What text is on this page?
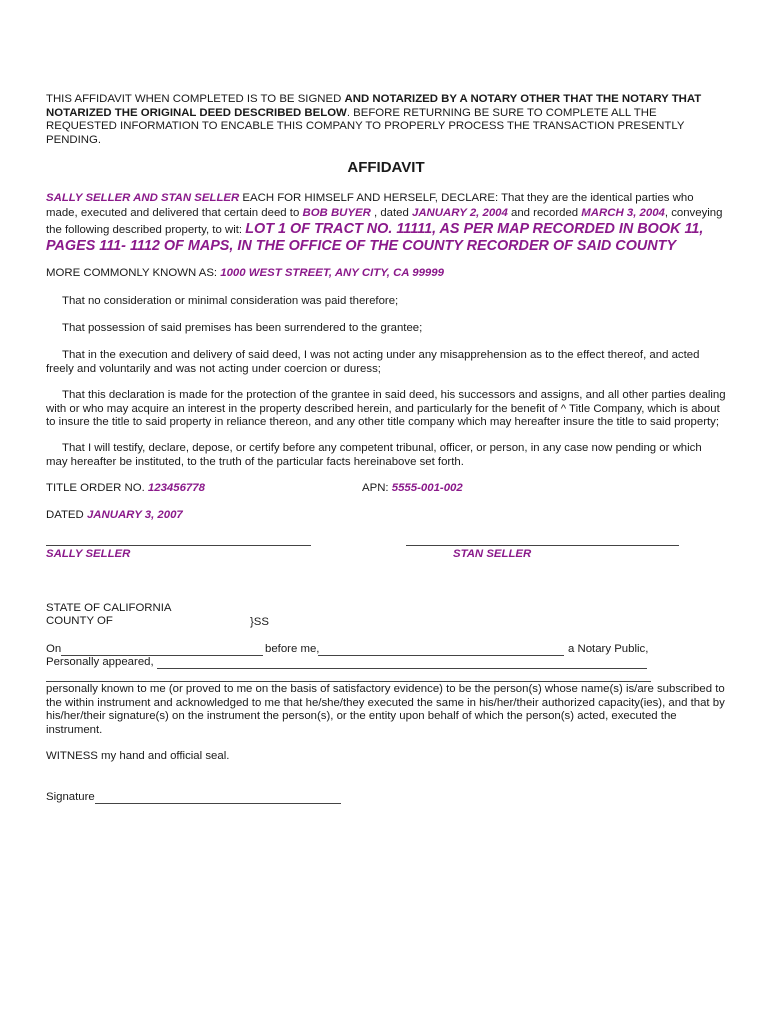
THIS AFFIDAVIT WHEN COMPLETED IS TO BE SIGNED AND NOTARIZED BY A NOTARY OTHER THAT THE NOTARY THAT NOTARIZED THE ORIGINAL DEED DESCRIBED BELOW. BEFORE RETURNING BE SURE TO COMPLETE ALL THE REQUESTED INFORMATION TO ENCABLE THIS COMPANY TO PROPERLY PROCESS THE TRANSACTION PRESENTLY PENDING.
AFFIDAVIT
SALLY SELLER AND STAN SELLER EACH FOR HIMSELF AND HERSELF, DECLARE: That they are the identical parties who made, executed and delivered that certain deed to BOB BUYER , dated JANUARY 2, 2004 and recorded MARCH 3, 2004, conveying the following described property, to wit: LOT 1 OF TRACT NO. 11111, AS PER MAP RECORDED IN BOOK 11, PAGES 111- 1112 OF MAPS, IN THE OFFICE OF THE COUNTY RECORDER OF SAID COUNTY
MORE COMMONLY KNOWN AS: 1000 WEST STREET, ANY CITY, CA 99999
That no consideration or minimal consideration was paid therefore;
That possession of said premises has been surrendered to the grantee;
That in the execution and delivery of said deed, I was not acting under any misapprehension as to the effect thereof, and acted freely and voluntarily and was not acting under coercion or duress;
That this declaration is made for the protection of the grantee in said deed, his successors and assigns, and all other parties dealing with or who may acquire an interest in the property described herein, and particularly for the benefit of ^ Title Company, which is about to insure the title to said property in reliance thereon, and any other title company which may hereafter insure the title to said property;
That I will testify, declare, depose, or certify before any competent tribunal, officer, or person, in any case now pending or which may hereafter be instituted, to the truth of the particular facts hereinabove set forth.
TITLE ORDER NO. 123456778	APN: 5555-001-002
DATED JANUARY 3, 2007
SALLY SELLER	STAN SELLER
STATE OF CALIFORNIA
COUNTY OF	}SS
On	before me,	a Notary Public,
Personally appeared,
personally known to me (or proved to me on the basis of satisfactory evidence) to be the person(s) whose name(s) is/are subscribed to the within instrument and acknowledged to me that he/she/they executed the same in his/her/their authorized capacity(ies), and that by his/her/their signature(s) on the instrument the person(s), or the entity upon behalf of which the person(s) acted, executed the instrument.
WITNESS my hand and official seal.
Signature
